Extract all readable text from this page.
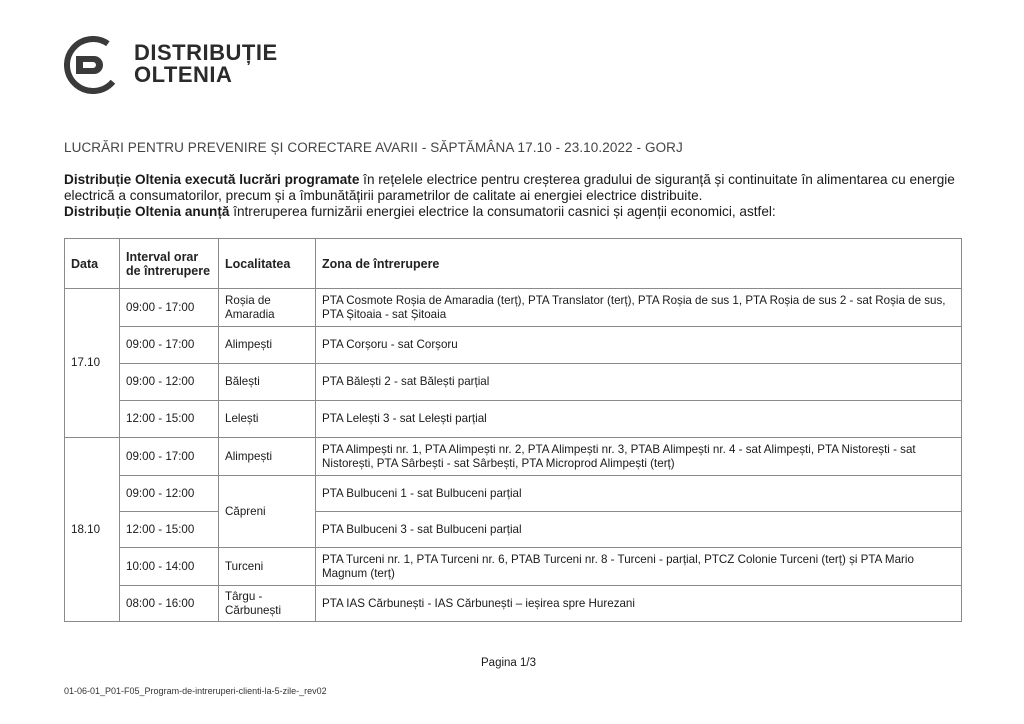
DISTRIBUȚIE
OLTENIA
LUCRĂRI PENTRU PREVENIRE ȘI CORECTARE AVARII - SĂPTĂMÂNA 17.10 - 23.10.2022 - GORJ

Distribuție Oltenia execută lucrări programate în rețelele electrice pentru creșterea gradului de siguranță și continuitate în alimentarea cu energie electrică a consumatorilor, precum și a îmbunătățirii parametrilor de calitate ai energiei electrice distribuite.

Distribuție Oltenia anunță întreruperea furnizării energiei electrice la consumatorii casnici și agenții economici, astfel:

Data	Interval orar de întrerupere	Localitatea	Zona de întrerupere
17.10	09:00 - 17:00	Roșia de Amaradia	PTA Cosmote Roșia de Amaradia (terț), PTA Translator (terț), PTA Roșia de sus 1, PTA Roșia de sus 2 - sat Roșia de sus, PTA Șitoaia - sat Șitoaia
	09:00 - 17:00	Alimpești	PTA Corșoru - sat Corșoru
	09:00 - 12:00	Bălești	PTA Bălești 2 - sat Bălești parțial
	12:00 - 15:00	Lelești	PTA Lelești 3 - sat Lelești parțial
18.10	09:00 - 17:00	Alimpești	PTA Alimpești nr. 1, PTA Alimpești nr. 2, PTA Alimpești nr. 3, PTAB Alimpești nr. 4 - sat Alimpești, PTA Nistorești - sat Nistorești, PTA Sârbești - sat Sârbești, PTA Microprod Alimpești (terț)
	09:00 - 12:00	Căpreni	PTA Bulbuceni 1 - sat Bulbuceni parțial
	12:00 - 15:00		PTA Bulbuceni 3 - sat Bulbuceni parțial
	10:00 - 14:00	Turceni	PTA Turceni nr. 1, PTA Turceni nr. 6, PTAB Turceni nr. 8 - Turceni - parțial, PTCZ Colonie Turceni (terț) și PTA Mario Magnum (terț)
	08:00 - 16:00	Târgu - Cărbunești	PTA IAS Cărbunești - IAS Cărbunești – ieșirea spre Hurezani
Pagina 1/3
01-06-01_P01-F05_Program-de-intreruperi-clienti-la-5-zile-_rev02
